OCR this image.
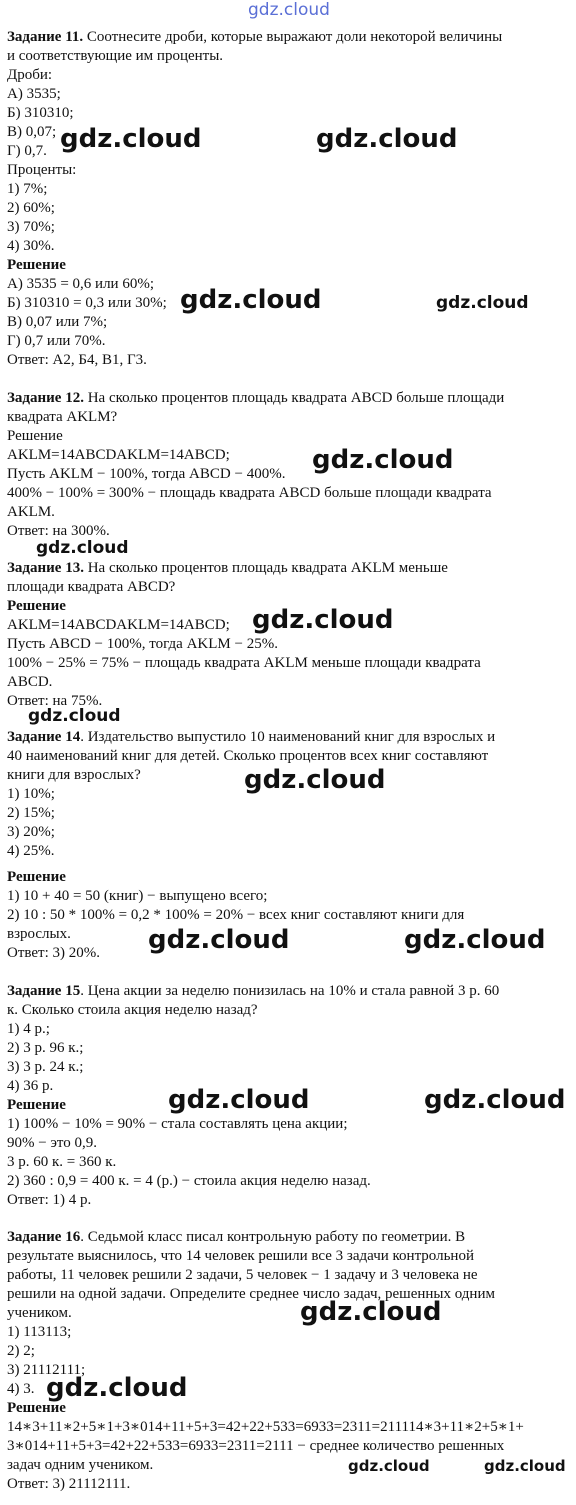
gdz.cloud
Задание 11. Соотнесите дроби, которые выражают доли некоторой величины
и соответствующие им проценты.
Дроби:
А) 3535;
Б) 310310;
В) 0,07;
Г) 0,7.
Проценты:
1) 7%;
2) 60%;
3) 70%;
4) 30%.
Решение
А) 3535 = 0,6 или 60%;
Б) 310310 = 0,3 или 30%;
В) 0,07 или 7%;
Г) 0,7 или 70%.
Ответ: А2, Б4, В1, Г3.
Задание 12. На сколько процентов площадь квадрата ABCD больше площади
квадрата AKLM?
Решение
AKLM=14ABCDAKLM=14ABCD;
Пусть AKLM − 100%, тогда ABCD − 400%.
400% − 100% = 300% − площадь квадрата ABCD больше площади квадрата
AKLM.
Ответ: на 300%.
Задание 13. На сколько процентов площадь квадрата AKLM меньше
площади квадрата ABCD?
Решение
AKLM=14ABCDAKLM=14ABCD;
Пусть ABCD − 100%, тогда AKLM − 25%.
100% − 25% = 75% − площадь квадрата AKLM меньше площади квадрата
ABCD.
Ответ: на 75%.
Задание 14. Издательство выпустило 10 наименований книг для взрослых и
40 наименований книг для детей. Сколько процентов всех книг составляют
книги для взрослых?
1) 10%;
2) 15%;
3) 20%;
4) 25%.
Решение
1) 10 + 40 = 50 (книг) − выпущено всего;
2) 10 : 50 * 100% = 0,2 * 100% = 20% − всех книг составляют книги для
взрослых.
Ответ: 3) 20%.
Задание 15. Цена акции за неделю понизилась на 10% и стала равной 3 р. 60
к. Сколько стоила акция неделю назад?
1) 4 р.;
2) 3 р. 96 к.;
3) 3 р. 24 к.;
4) 36 р.
Решение
1) 100% − 10% = 90% − стала составлять цена акции;
90% − это 0,9.
3 р. 60 к. = 360 к.
2) 360 : 0,9 = 400 к. = 4 (р.) − стоила акция неделю назад.
Ответ: 1) 4 р.
Задание 16. Седьмой класс писал контрольную работу по геометрии. В
результате выяснилось, что 14 человек решили все 3 задачи контрольной
работы, 11 человек решили 2 задачи, 5 человек − 1 задачу и 3 человека не
решили на одной задачи. Определите среднее число задач, решенных одним
учеником.
1) 113113;
2) 2;
3) 21112111;
4) 3.
Решение
14∗3+11∗2+5∗1+3∗014+11+5+3=42+22+533=6933=2311=211114∗3+11∗2+5∗1+
3∗014+11+5+3=42+22+533=6933=2311=2111 − среднее количество решенных
задач одним учеником.
Ответ: 3) 21112111.
gdz.cloud	gdz.cloud
gdz.cloud	gdz.cloud
gdz.cloud
gdz.cloud
gdz.cloud
gdz.cloud
gdz.cloud
gdz.cloud	gdz.cloud
gdz.cloud	gdz.cloud
gdz.cloud
gdz.cloud
gdz.cloud	gdz.cloud
